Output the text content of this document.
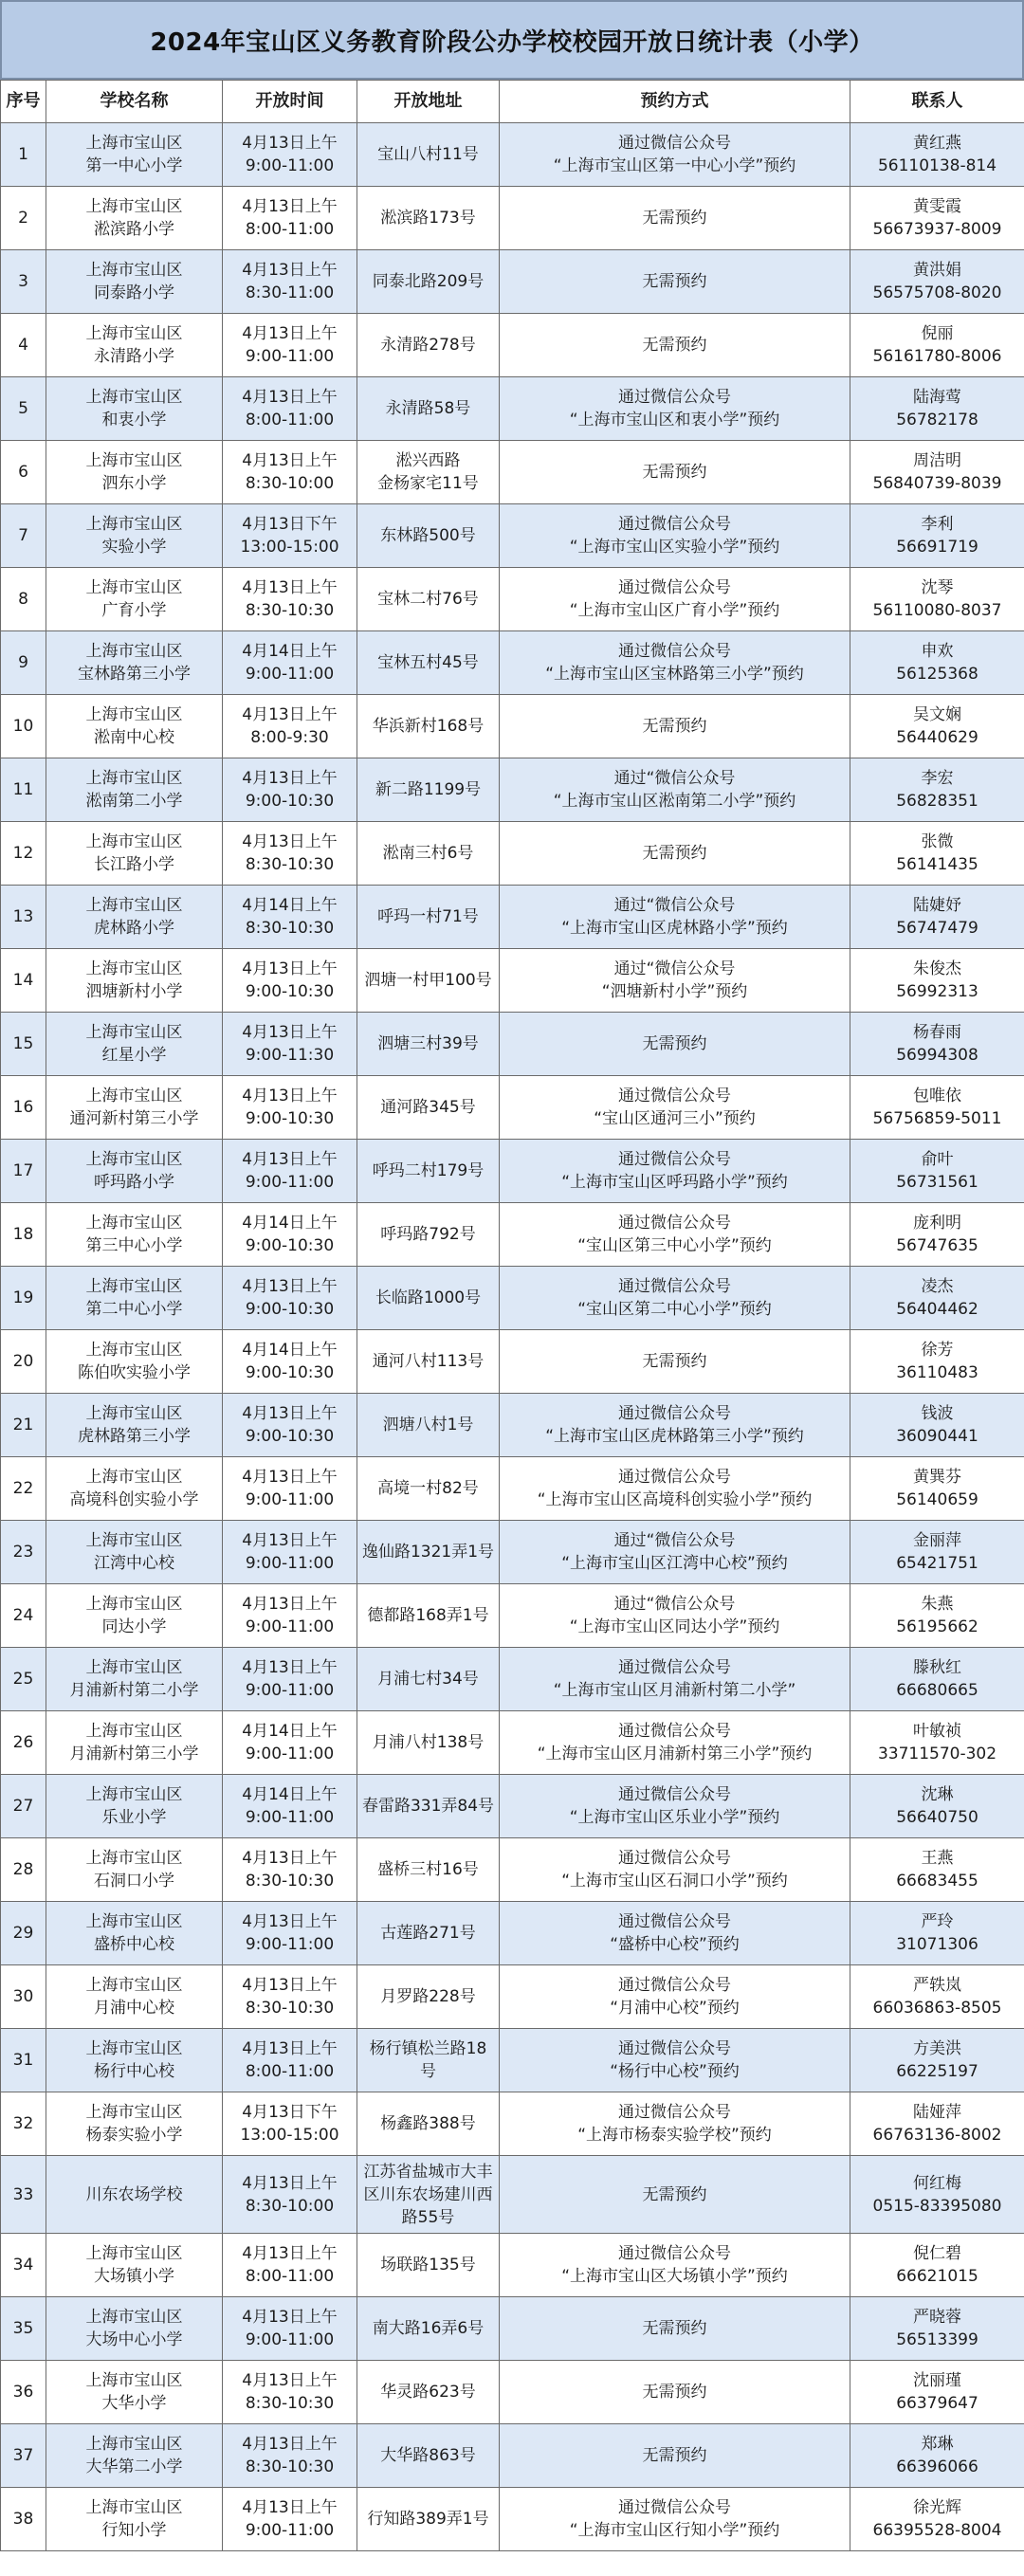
2024年宝山区义务教育阶段公办学校校园开放日统计表（小学）
序号	学校名称	开放时间	开放地址	预约方式	联系人

1	上海市宝山区
第一中心小学	4月13日上午
9:00-11:00	宝山八村11号	通过微信公众号
“上海市宝山区第一中心小学”预约	黄红燕
56110138-814

2	上海市宝山区
淞滨路小学	4月13日上午
8:00-11:00	淞滨路173号	无需预约	黄雯霞
56673937-8009

3	上海市宝山区
同泰路小学	4月13日上午
8:30-11:00	同泰北路209号	无需预约	黄洪娟
56575708-8020

4	上海市宝山区
永清路小学	4月13日上午
9:00-11:00	永清路278号	无需预约	倪丽
56161780-8006

5	上海市宝山区
和衷小学	4月13日上午
8:00-11:00	永清路58号	通过微信公众号
“上海市宝山区和衷小学”预约	陆海莺
56782178

6	上海市宝山区
泗东小学	4月13日上午
8:30-10:00	淞兴西路
金杨家宅11号	无需预约	周洁明
56840739-8039

7	上海市宝山区
实验小学	4月13日下午
13:00-15:00	东林路500号	通过微信公众号
“上海市宝山区实验小学”预约	李利
56691719

8	上海市宝山区
广育小学	4月13日上午
8:30-10:30	宝林二村76号	通过微信公众号
“上海市宝山区广育小学”预约	沈琴
56110080-8037

9	上海市宝山区
宝林路第三小学	4月14日上午
9:00-11:00	宝林五村45号	通过微信公众号
“上海市宝山区宝林路第三小学”预约	申欢
56125368

10	上海市宝山区
淞南中心校	4月13日上午
8:00-9:30	华浜新村168号	无需预约	吴文娴
56440629

11	上海市宝山区
淞南第二小学	4月13日上午
9:00-10:30	新二路1199号	通过“微信公众号
“上海市宝山区淞南第二小学”预约	李宏
56828351

12	上海市宝山区
长江路小学	4月13日上午
8:30-10:30	淞南三村6号	无需预约	张微
56141435

13	上海市宝山区
虎林路小学	4月14日上午
8:30-10:30	呼玛一村71号	通过“微信公众号
“上海市宝山区虎林路小学”预约	陆婕妤
56747479

14	上海市宝山区
泗塘新村小学	4月13日上午
9:00-10:30	泗塘一村甲100号	通过“微信公众号
“泗塘新村小学”预约	朱俊杰
56992313

15	上海市宝山区
红星小学	4月13日上午
9:00-11:30	泗塘三村39号	无需预约	杨春雨
56994308

16	上海市宝山区
通河新村第三小学	4月13日上午
9:00-10:30	通河路345号	通过微信公众号
“宝山区通河三小”预约	包唯依
56756859-5011

17	上海市宝山区
呼玛路小学	4月13日上午
9:00-11:00	呼玛二村179号	通过微信公众号
“上海市宝山区呼玛路小学”预约	俞叶
56731561

18	上海市宝山区
第三中心小学	4月14日上午
9:00-10:30	呼玛路792号	通过微信公众号
“宝山区第三中心小学”预约	庞利明
56747635

19	上海市宝山区
第二中心小学	4月13日上午
9:00-10:30	长临路1000号	通过微信公众号
“宝山区第二中心小学”预约	凌杰
56404462

20	上海市宝山区
陈伯吹实验小学	4月14日上午
9:00-10:30	通河八村113号	无需预约	徐芳
36110483

21	上海市宝山区
虎林路第三小学	4月13日上午
9:00-10:30	泗塘八村1号	通过微信公众号
“上海市宝山区虎林路第三小学”预约	钱波
36090441

22	上海市宝山区
高境科创实验小学	4月13日上午
9:00-11:00	高境一村82号	通过微信公众号
“上海市宝山区高境科创实验小学”预约	黄巽芬
56140659

23	上海市宝山区
江湾中心校	4月13日上午
9:00-11:00	逸仙路1321弄1号	通过“微信公众号
“上海市宝山区江湾中心校”预约	金丽萍
65421751

24	上海市宝山区
同达小学	4月13日上午
9:00-11:00	德都路168弄1号	通过“微信公众号
“上海市宝山区同达小学”预约	朱燕
56195662

25	上海市宝山区
月浦新村第二小学	4月13日上午
9:00-11:00	月浦七村34号	通过微信公众号
“上海市宝山区月浦新村第二小学”	滕秋红
66680665

26	上海市宝山区
月浦新村第三小学	4月14日上午
9:00-11:00	月浦八村138号	通过微信公众号
“上海市宝山区月浦新村第三小学”预约	叶敏祯
33711570-302

27	上海市宝山区
乐业小学	4月14日上午
9:00-11:00	春雷路331弄84号	通过微信公众号
“上海市宝山区乐业小学”预约	沈琳
56640750

28	上海市宝山区
石洞口小学	4月13日上午
8:30-10:30	盛桥三村16号	通过微信公众号
“上海市宝山区石洞口小学”预约	王燕
66683455

29	上海市宝山区
盛桥中心校	4月13日上午
9:00-11:00	古莲路271号	通过微信公众号
“盛桥中心校”预约	严玲
31071306

30	上海市宝山区
月浦中心校	4月13日上午
8:30-10:30	月罗路228号	通过微信公众号
“月浦中心校”预约	严轶岚
66036863-8505

31	上海市宝山区
杨行中心校	4月13日上午
8:00-11:00	杨行镇松兰路18
号	通过微信公众号
“杨行中心校”预约	方美洪
66225197

32	上海市宝山区
杨泰实验小学	4月13日下午
13:00-15:00	杨鑫路388号	通过微信公众号
“上海市杨泰实验学校”预约	陆娅萍
66763136-8002

33	川东农场学校	4月13日上午
8:30-10:00	江苏省盐城市大丰
区川东农场建川西
路55号	无需预约	何红梅
0515-83395080

34	上海市宝山区
大场镇小学	4月13日上午
8:00-11:00	场联路135号	通过微信公众号
“上海市宝山区大场镇小学”预约	倪仁碧
66621015

35	上海市宝山区
大场中心小学	4月13日上午
9:00-11:00	南大路16弄6号	无需预约	严晓蓉
56513399

36	上海市宝山区
大华小学	4月13日上午
8:30-10:30	华灵路623号	无需预约	沈丽瑾
66379647

37	上海市宝山区
大华第二小学	4月13日上午
8:30-10:30	大华路863号	无需预约	郑琳
66396066

38	上海市宝山区
行知小学	4月13日上午
9:00-11:00	行知路389弄1号	通过微信公众号
“上海市宝山区行知小学”预约	徐光辉
66395528-8004
